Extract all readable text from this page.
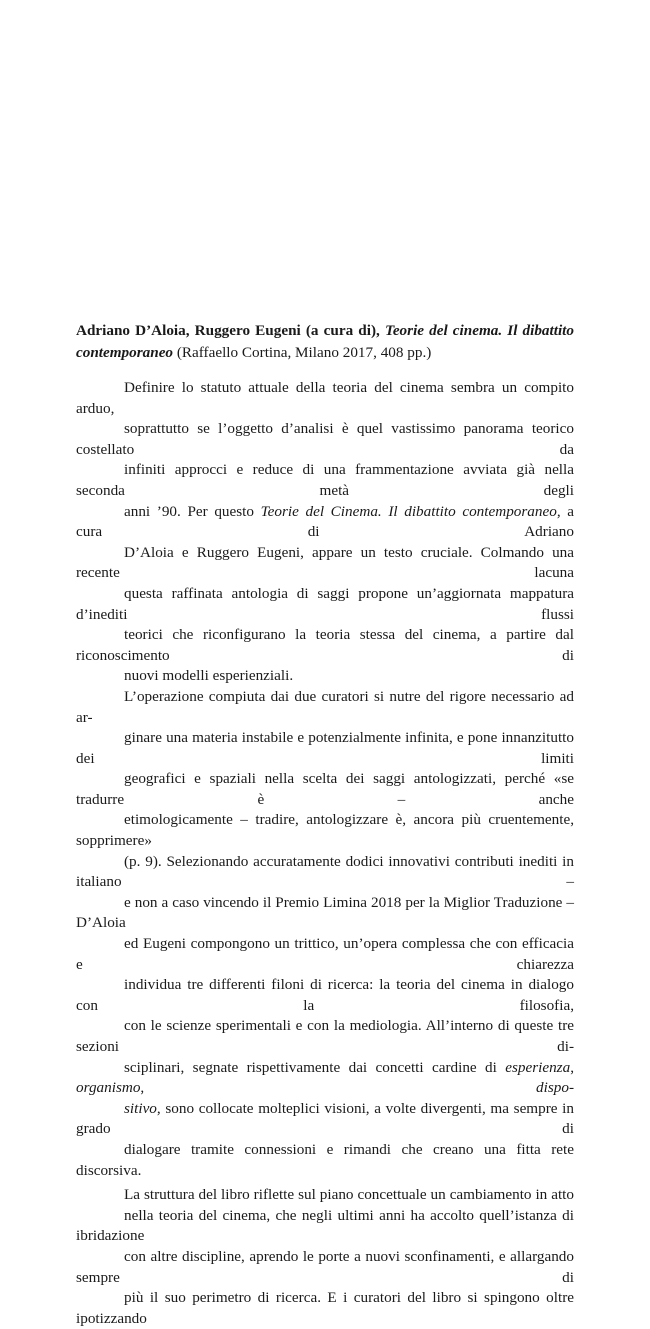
Adriano D’Aloia, Ruggero Eugeni (a cura di), Teorie del cinema. Il dibattito contemporaneo (Raffaello Cortina, Milano 2017, 408 pp.)

Definire lo statuto attuale della teoria del cinema sembra un compito arduo,
soprattutto se l’oggetto d’analisi è quel vastissimo panorama teorico costellato da
infiniti approcci e reduce di una frammentazione avviata già nella seconda metà degli
anni ’90. Per questo Teorie del Cinema. Il dibattito contemporaneo, a cura di Adriano
D’Aloia e Ruggero Eugeni, appare un testo cruciale. Colmando una recente lacuna
questa raffinata antologia di saggi propone un’aggiornata mappatura d’inediti flussi
teorici che riconfigurano la teoria stessa del cinema, a partire dal riconoscimento di
nuovi modelli esperienziali.

L’operazione compiuta dai due curatori si nutre del rigore necessario ad ar-
ginare una materia instabile e potenzialmente infinita, e pone innanzitutto dei limiti
geografici e spaziali nella scelta dei saggi antologizzati, perché «se tradurre è – anche
etimologicamente – tradire, antologizzare è, ancora più cruentemente, sopprimere»
(p. 9). Selezionando accuratamente dodici innovativi contributi inediti in italiano –
e non a caso vincendo il Premio Limina 2018 per la Miglior Traduzione – D’Aloia
ed Eugeni compongono un trittico, un’opera complessa che con efficacia e chiarezza
individua tre differenti filoni di ricerca: la teoria del cinema in dialogo con la filosofia,
con le scienze sperimentali e con la mediologia. All’interno di queste tre sezioni di-
sciplinari, segnate rispettivamente dai concetti cardine di esperienza, organismo,	dispo-
sitivo, sono collocate molteplici visioni, a volte divergenti, ma sempre in grado di
dialogare tramite connessioni e rimandi che creano una fitta rete discorsiva.

La struttura del libro riflette sul piano concettuale un cambiamento in atto
nella teoria del cinema, che negli ultimi anni ha accolto quell’istanza di ibridazione
con altre discipline, aprendo le porte a nuovi sconfinamenti, e allargando sempre di
più il suo perimetro di ricerca. E i curatori del libro si spingono oltre ipotizzando
